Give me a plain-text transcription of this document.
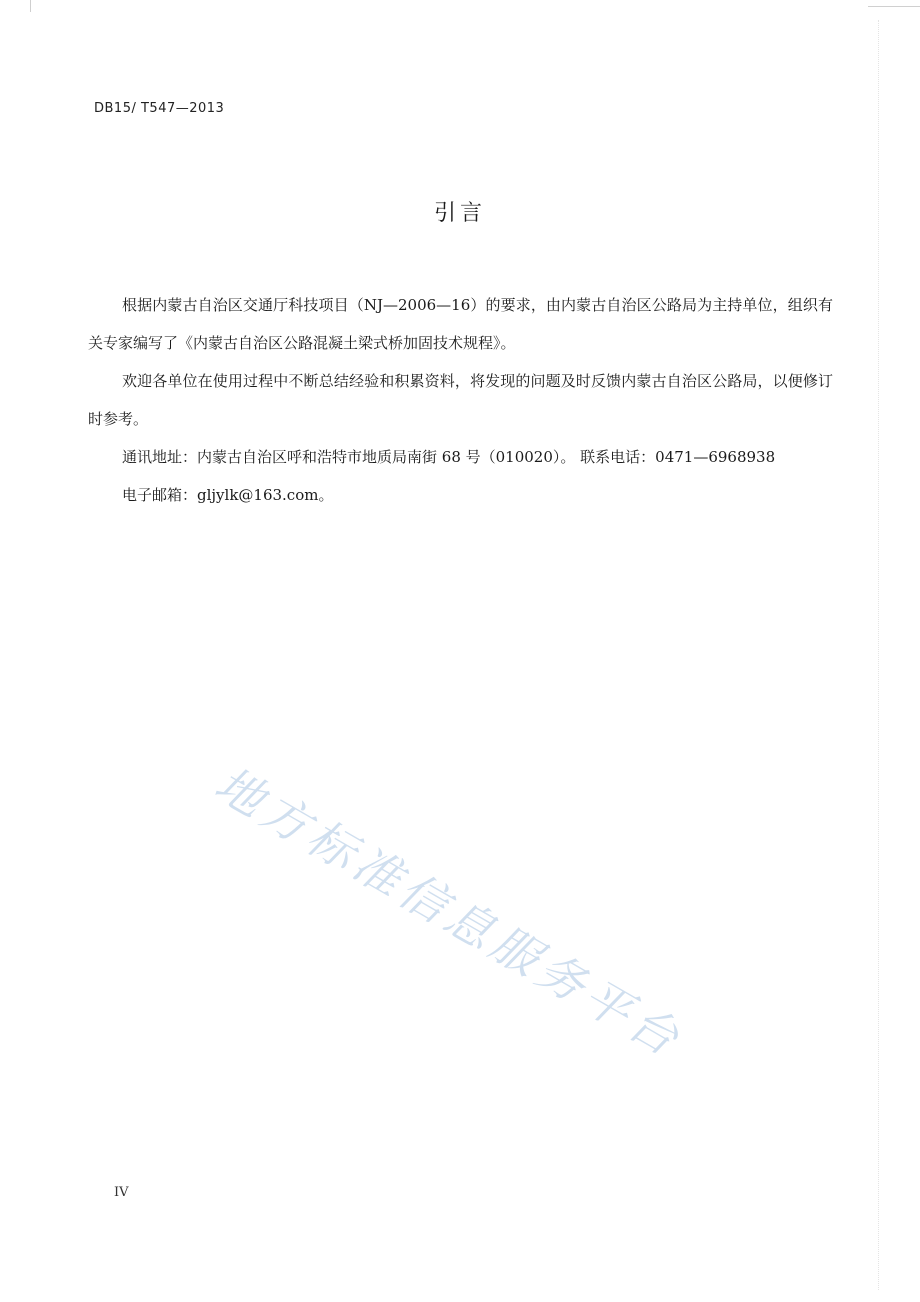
DB15/ T547—2013

引言

根据内蒙古自治区交通厅科技项目（NJ—2006—16）的要求，由内蒙古自治区公路局为主持单位，组织有关专家编写了《内蒙古自治区公路混凝土梁式桥加固技术规程》。

欢迎各单位在使用过程中不断总结经验和积累资料，将发现的问题及时反馈内蒙古自治区公路局，以便修订时参考。

通讯地址：内蒙古自治区呼和浩特市地质局南街 68 号（010020）。 联系电话：0471—6968938

电子邮箱：gljylk@163.com。

地方标准信息服务平台

IV
